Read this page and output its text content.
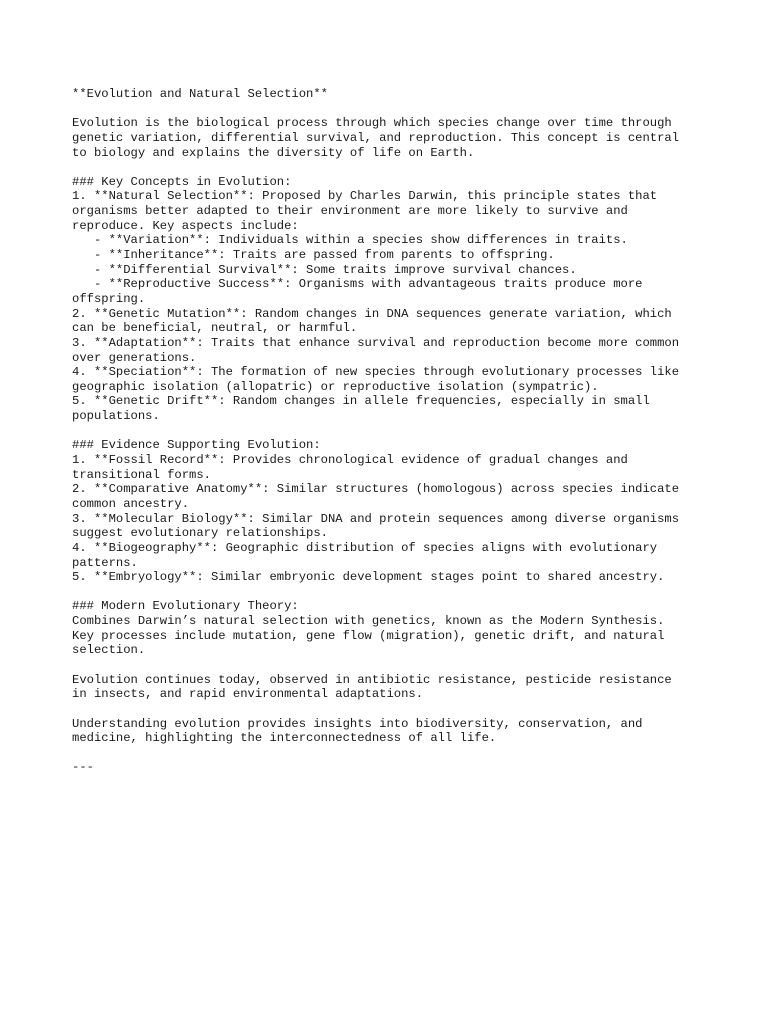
**Evolution and Natural Selection**

Evolution is the biological process through which species change over time through
genetic variation, differential survival, and reproduction. This concept is central
to biology and explains the diversity of life on Earth.

### Key Concepts in Evolution:
1. **Natural Selection**: Proposed by Charles Darwin, this principle states that
organisms better adapted to their environment are more likely to survive and
reproduce. Key aspects include:
- **Variation**: Individuals within a species show differences in traits.
- **Inheritance**: Traits are passed from parents to offspring.
- **Differential Survival**: Some traits improve survival chances.
- **Reproductive Success**: Organisms with advantageous traits produce more
offspring.
2. **Genetic Mutation**: Random changes in DNA sequences generate variation, which
can be beneficial, neutral, or harmful.
3. **Adaptation**: Traits that enhance survival and reproduction become more common
over generations.
4. **Speciation**: The formation of new species through evolutionary processes like
geographic isolation (allopatric) or reproductive isolation (sympatric).
5. **Genetic Drift**: Random changes in allele frequencies, especially in small
populations.

### Evidence Supporting Evolution:
1. **Fossil Record**: Provides chronological evidence of gradual changes and
transitional forms.
2. **Comparative Anatomy**: Similar structures (homologous) across species indicate
common ancestry.
3. **Molecular Biology**: Similar DNA and protein sequences among diverse organisms
suggest evolutionary relationships.
4. **Biogeography**: Geographic distribution of species aligns with evolutionary
patterns.
5. **Embryology**: Similar embryonic development stages point to shared ancestry.

### Modern Evolutionary Theory:
Combines Darwin’s natural selection with genetics, known as the Modern Synthesis.
Key processes include mutation, gene flow (migration), genetic drift, and natural
selection.

Evolution continues today, observed in antibiotic resistance, pesticide resistance
in insects, and rapid environmental adaptations.

Understanding evolution provides insights into biodiversity, conservation, and
medicine, highlighting the interconnectedness of all life.

---
